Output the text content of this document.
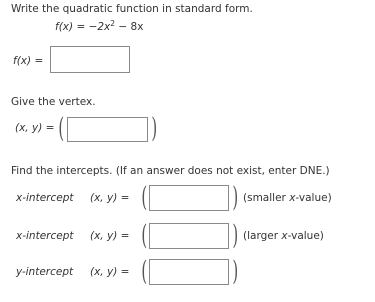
Write the quadratic function in standard form.
$f(x) = -2x^2 - 8x$
f(x) =
Give the vertex.
(x, y) = (	)
Find the intercepts. (If an answer does not exist, enter DNE.)
x-intercept (x, y) = (	) (smaller x-value)
x-intercept (x, y) = (	) (larger x-value)
y-intercept (x, y) = (	)
